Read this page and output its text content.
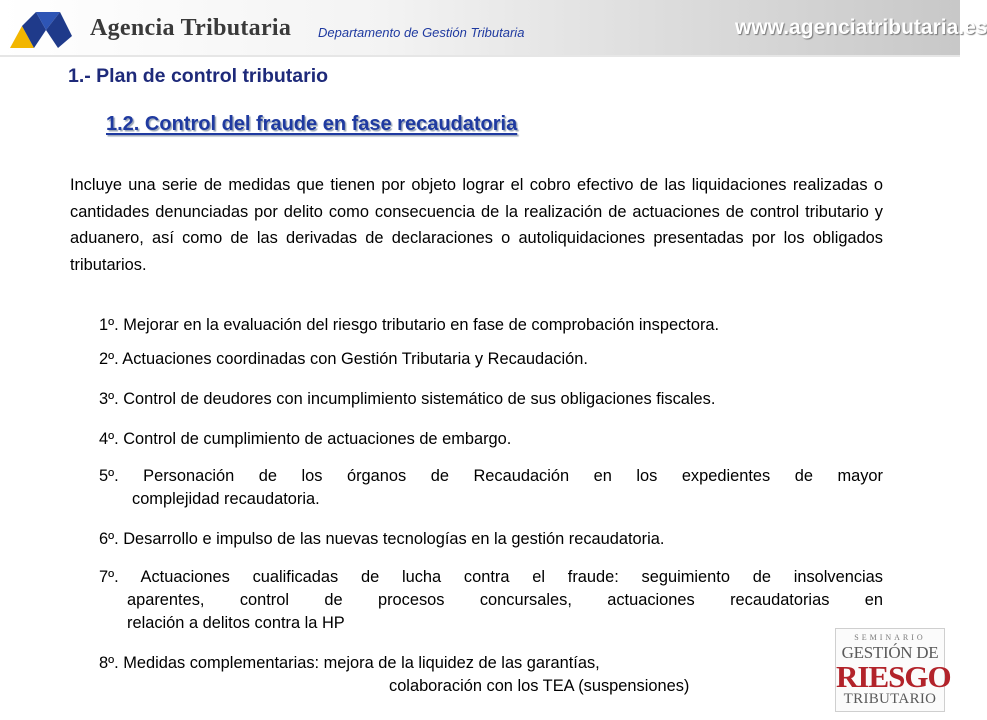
Agencia Tributaria Departamento de Gestión Tributaria	www.agenciatributaria.es
1.- Plan de control tributario
1.2. Control del fraude en fase recaudatoria

Incluye una serie de medidas que tienen por objeto lograr el cobro efectivo de las liquidaciones realizadas o cantidades denunciadas por delito como consecuencia de la realización de actuaciones de control tributario y aduanero, así como de las derivadas de declaraciones o autoliquidaciones presentadas por los obligados tributarios.

1º. Mejorar en la evaluación del riesgo tributario en fase de comprobación inspectora.
2º. Actuaciones coordinadas con Gestión Tributaria y Recaudación.
3º. Control de deudores con incumplimiento sistemático de sus obligaciones fiscales.
4º. Control de cumplimiento de actuaciones de embargo.
5º. Personación de los órganos de Recaudación en los expedientes de mayor
complejidad recaudatoria.
6º. Desarrollo e impulso de las nuevas tecnologías en la gestión recaudatoria.
7º. Actuaciones cualificadas de lucha contra el fraude: seguimiento de insolvencias
aparentes, control de procesos concursales, actuaciones recaudatorias en
relación a delitos contra la HP
8º. Medidas complementarias: mejora de la liquidez de las garantías,
colaboración con los TEA (suspensiones)
SEMINARIO
GESTIÓN DE
RIESGO
TRIBUTARIO
